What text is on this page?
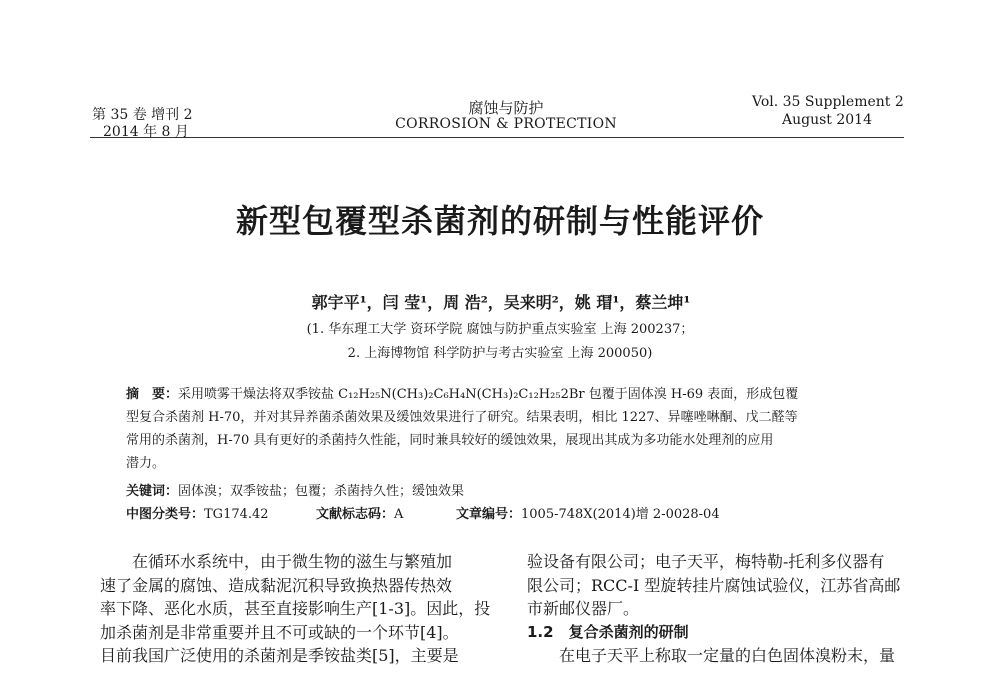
第 35 卷 增刊 2
2014 年 8 月
腐蚀与防护
CORROSION & PROTECTION
Vol. 35 Supplement 2
August 2014
新型包覆型杀菌剂的研制与性能评价
郭宇平¹，闫 莹¹，周 浩²，吴来明²，姚 瑁¹，蔡兰坤¹
(1. 华东理工大学 资环学院 腐蚀与防护重点实验室 上海 200237；
2. 上海博物馆 科学防护与考古实验室 上海 200050)
摘　要：采用喷雾干燥法将双季铵盐 C₁₂H₂₅N(CH₃)₂C₆H₄N(CH₃)₂C₁₂H₂₅2Br 包覆于固体溴 H-69 表面，形成包覆
型复合杀菌剂 H-70，并对其异养菌杀菌效果及缓蚀效果进行了研究。结果表明，相比 1227、异噻唑啉酮、戊二醛等
常用的杀菌剂，H-70 具有更好的杀菌持久性能，同时兼具较好的缓蚀效果，展现出其成为多功能水处理剂的应用
潜力。
关键词：固体溴；双季铵盐；包覆；杀菌持久性；缓蚀效果
中图分类号：TG174.42	文献标志码：A	文章编号：1005-748X(2014)增 2-0028-04
　　在循环水系统中，由于微生物的滋生与繁殖加
速了金属的腐蚀、造成黏泥沉积导致换热器传热效
率下降、恶化水质，甚至直接影响生产[1-3]。因此，投
加杀菌剂是非常重要并且不可或缺的一个环节[4]。
目前我国广泛使用的杀菌剂是季铵盐类[5]，主要是
验设备有限公司；电子天平，梅特勒-托利多仪器有
限公司；RCC-I 型旋转挂片腐蚀试验仪，江苏省高邮
市新邮仪器厂。
1.2　复合杀菌剂的研制
　　在电子天平上称取一定量的白色固体溴粉末，量
